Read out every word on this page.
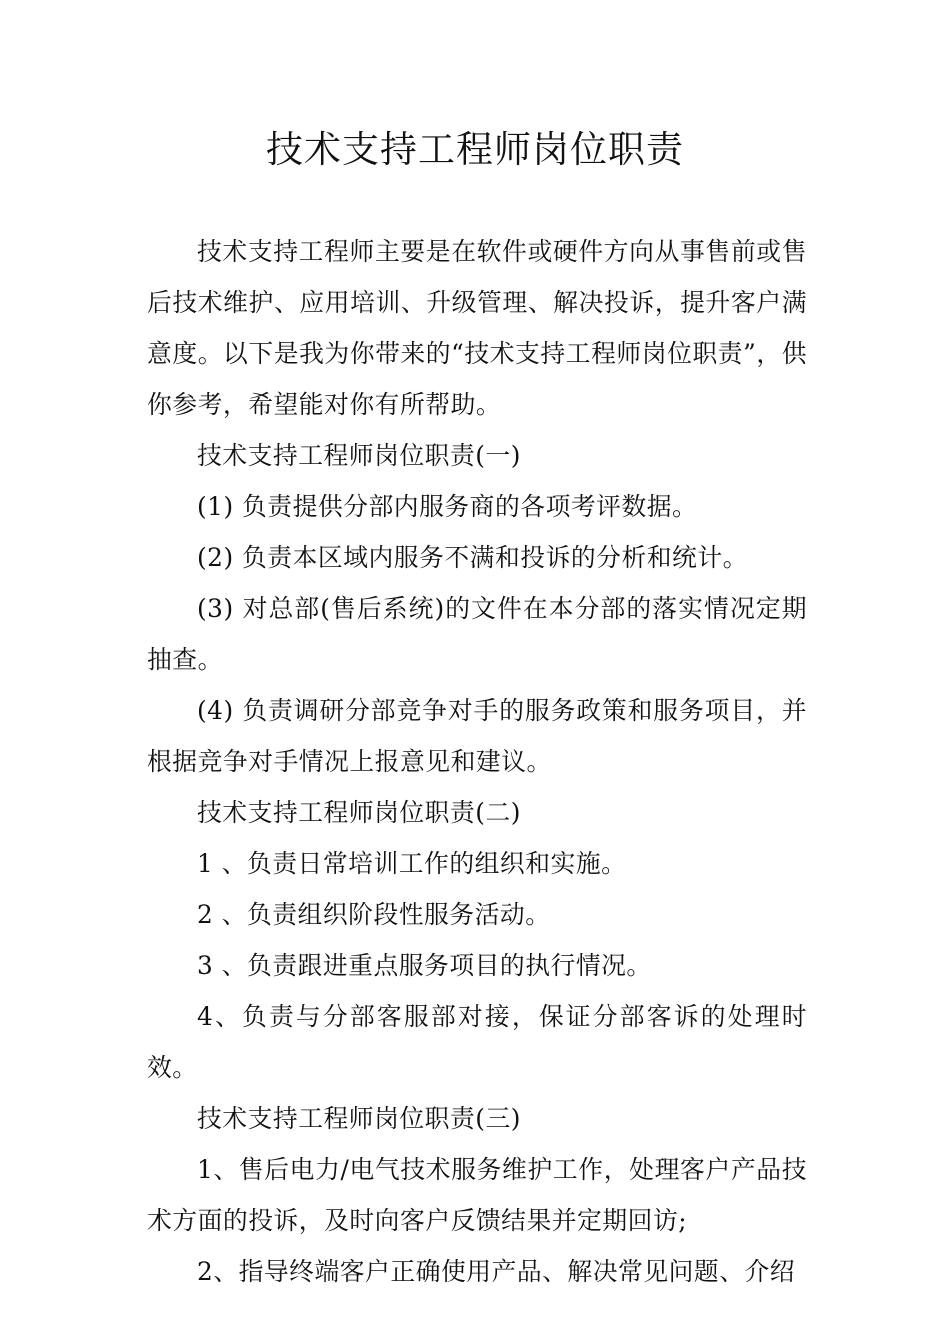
技术支持工程师岗位职责

技术支持工程师主要是在软件或硬件方向从事售前或售后技术维护、应用培训、升级管理、解决投诉，提升客户满意度。以下是我为你带来的“技术支持工程师岗位职责”，供你参考，希望能对你有所帮助。

技术支持工程师岗位职责(一)

(1) 负责提供分部内服务商的各项考评数据。

(2) 负责本区域内服务不满和投诉的分析和统计。

(3) 对总部(售后系统)的文件在本分部的落实情况定期抽查。

(4) 负责调研分部竞争对手的服务政策和服务项目，并根据竞争对手情况上报意见和建议。

技术支持工程师岗位职责(二)

1 、负责日常培训工作的组织和实施。

2 、负责组织阶段性服务活动。

3 、负责跟进重点服务项目的执行情况。

4、负责与分部客服部对接，保证分部客诉的处理时效。

技术支持工程师岗位职责(三)

1、售后电力/电气技术服务维护工作，处理客户产品技术方面的投诉，及时向客户反馈结果并定期回访;

2、指导终端客户正确使用产品、解决常见问题、介绍
